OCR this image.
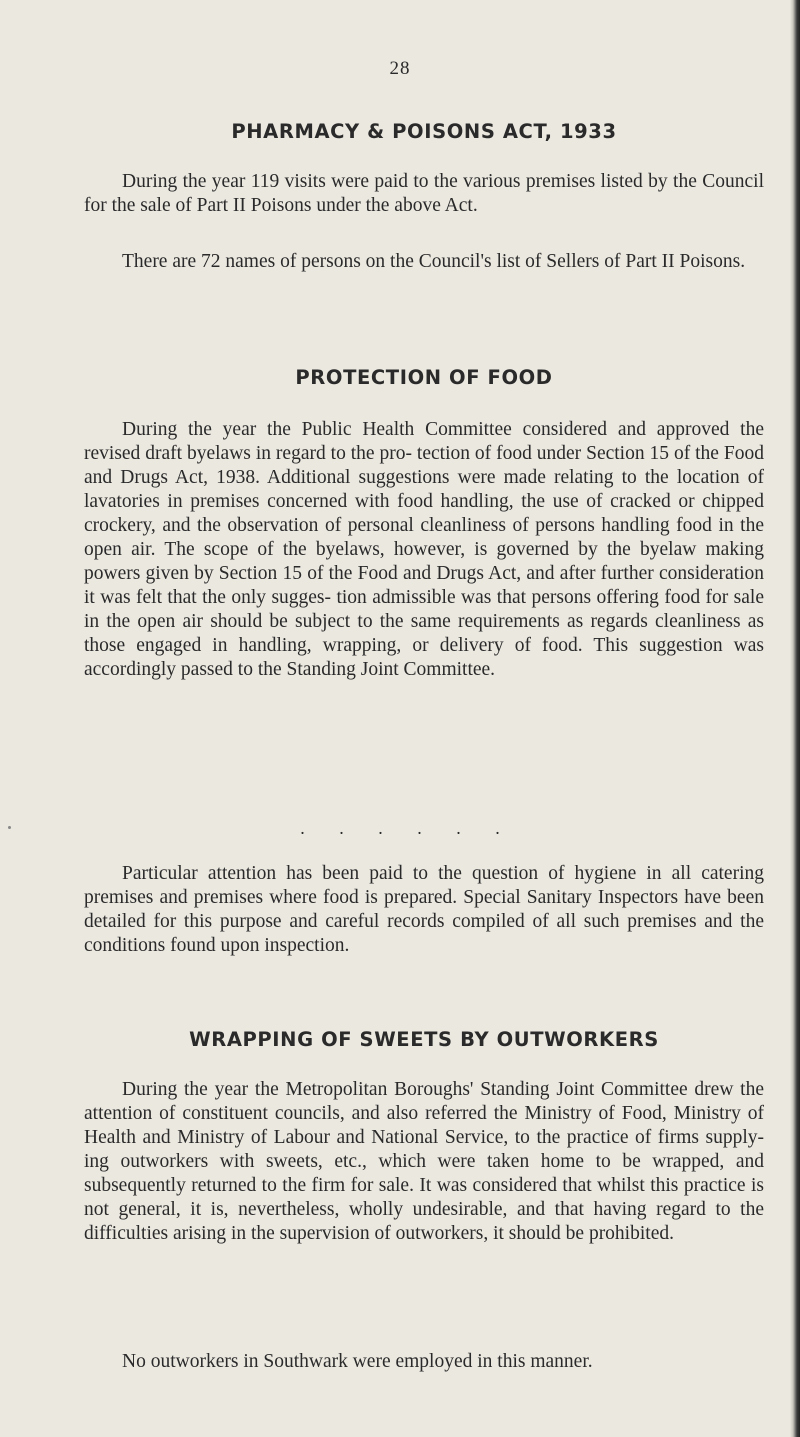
28
PHARMACY & POISONS ACT, 1933

During the year 119 visits were paid to the various premises listed by the Council for the sale of Part II Poisons under the above Act.

There are 72 names of persons on the Council's list of Sellers of Part II Poisons.

PROTECTION OF FOOD

During the year the Public Health Committee considered and approved the revised draft byelaws in regard to the pro- tection of food under Section 15 of the Food and Drugs Act, 1938. Additional suggestions were made relating to the location of lavatories in premises concerned with food handling, the use of cracked or chipped crockery, and the observation of personal cleanliness of persons handling food in the open air. The scope of the byelaws, however, is governed by the byelaw making powers given by Section 15 of the Food and Drugs Act, and after further consideration it was felt that the only sugges- tion admissible was that persons offering food for sale in the open air should be subject to the same requirements as regards cleanliness as those engaged in handling, wrapping, or delivery of food. This suggestion was accordingly passed to the Standing Joint Committee.

. . . . . .

Particular attention has been paid to the question of hygiene in all catering premises and premises where food is prepared. Special Sanitary Inspectors have been detailed for this purpose and careful records compiled of all such premises and the conditions found upon inspection.

WRAPPING OF SWEETS BY OUTWORKERS

During the year the Metropolitan Boroughs' Standing Joint Committee drew the attention of constituent councils, and also referred the Ministry of Food, Ministry of Health and Ministry of Labour and National Service, to the practice of firms supply- ing outworkers with sweets, etc., which were taken home to be wrapped, and subsequently returned to the firm for sale. It was considered that whilst this practice is not general, it is, nevertheless, wholly undesirable, and that having regard to the difficulties arising in the supervision of outworkers, it should be prohibited.

No outworkers in Southwark were employed in this manner.
